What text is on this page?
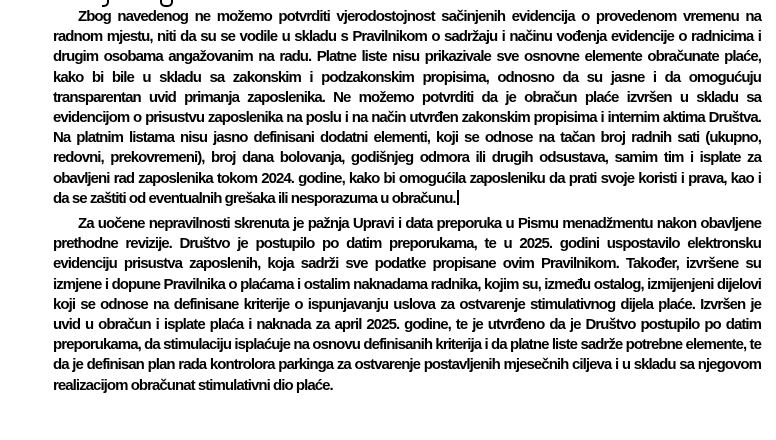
Zbog navedenog ne možemo potvrditi vjerodostojnost sačinjenih evidencija o provedenom vremenu na radnom mjestu, niti da su se vodile u skladu s Pravilnikom o sadržaju i načinu vođenja evidencije o radnicima i drugim osobama angažovanim na radu. Platne liste nisu prikazivale sve osnovne elemente obračunate plaće, kako bi bile u skladu sa zakonskim i podzakonskim propisima, odnosno da su jasne i da omogućuju transparentan uvid primanja zaposlenika. Ne možemo potvrditi da je obračun plaće izvršen u skladu sa evidencijom o prisustvu zaposlenika na poslu i na način utvrđen zakonskim propisima i internim aktima Društva. Na platnim listama nisu jasno definisani dodatni elementi, koji se odnose na tačan broj radnih sati (ukupno, redovni, prekovremeni), broj dana bolovanja, godišnjeg odmora ili drugih odsustava, samim tim i isplate za obavljeni rad zaposlenika tokom 2024. godine, kako bi omogućila zaposleniku da prati svoje koristi i prava, kao i da se zaštiti od eventualnih grešaka ili nesporazuma u obračunu.

Za uočene nepravilnosti skrenuta je pažnja Upravi i data preporuka u Pismu menadžmentu nakon obavljene prethodne revizije. Društvo je postupilo po datim preporukama, te u 2025. godini uspostavilo elektronsku evidenciju prisustva zaposlenih, koja sadrži sve podatke propisane ovim Pravilnikom. Također, izvršene su izmjene i dopune Pravilnika o plaćama i ostalim naknadama radnika, kojim su, između ostalog, izmijenjeni dijelovi koji se odnose na definisane kriterije o ispunjavanju uslova za ostvarenje stimulativnog dijela plaće. Izvršen je uvid u obračun i isplate plaća i naknada za april 2025. godine, te je utvrđeno da je Društvo postupilo po datim preporukama, da stimulaciju isplaćuje na osnovu definisanih kriterija i da platne liste sadrže potrebne elemente, te da je definisan plan rada kontrolora parkinga za ostvarenje postavljenih mjesečnih ciljeva i u skladu sa njegovom realizacijom obračunat stimulativni dio plaće.
